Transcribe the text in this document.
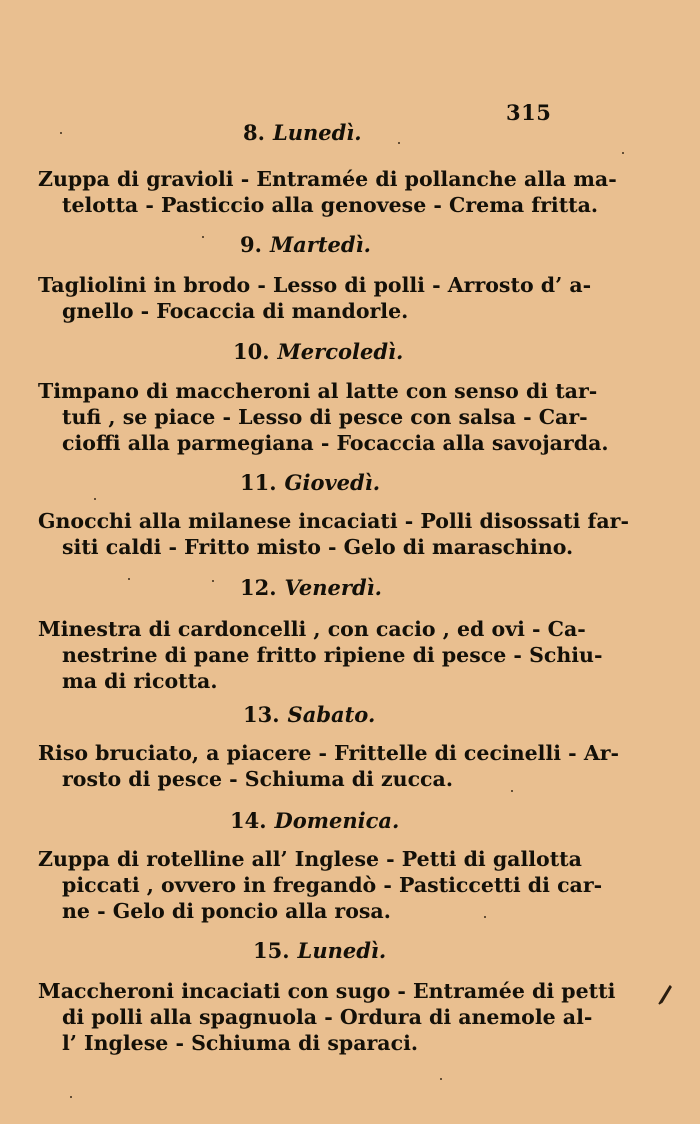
315
8. Lunedì.
Zuppa di gravioli - Entramée di pollanche alla ma-
telotta - Pasticcio alla genovese - Crema fritta.
9. Martedì.
Tagliolini in brodo - Lesso di polli - Arrosto d’ a-
gnello - Focaccia di mandorle.
10. Mercoledì.
Timpano di maccheroni al latte con senso di tar-
tufi , se piace - Lesso di pesce con salsa - Car-
cioffi alla parmegiana - Focaccia alla savojarda.
11. Giovedì.
Gnocchi alla milanese incaciati - Polli disossati far-
siti caldi - Fritto misto - Gelo di maraschino.
12. Venerdì.
Minestra di cardoncelli , con cacio , ed ovi - Ca-
nestrine di pane fritto ripiene di pesce - Schiu-
ma di ricotta.
13. Sabato.
Riso bruciato, a piacere - Frittelle di cecinelli - Ar-
rosto di pesce - Schiuma di zucca.
14. Domenica.
Zuppa di rotelline all’ Inglese - Petti di gallotta
piccati , ovvero in fregandò - Pasticcetti di car-
ne - Gelo di poncio alla rosa.
15. Lunedì.
Maccheroni incaciati con sugo - Entramée di petti
di polli alla spagnuola - Ordura di anemole al-
l’ Inglese - Schiuma di sparaci.
